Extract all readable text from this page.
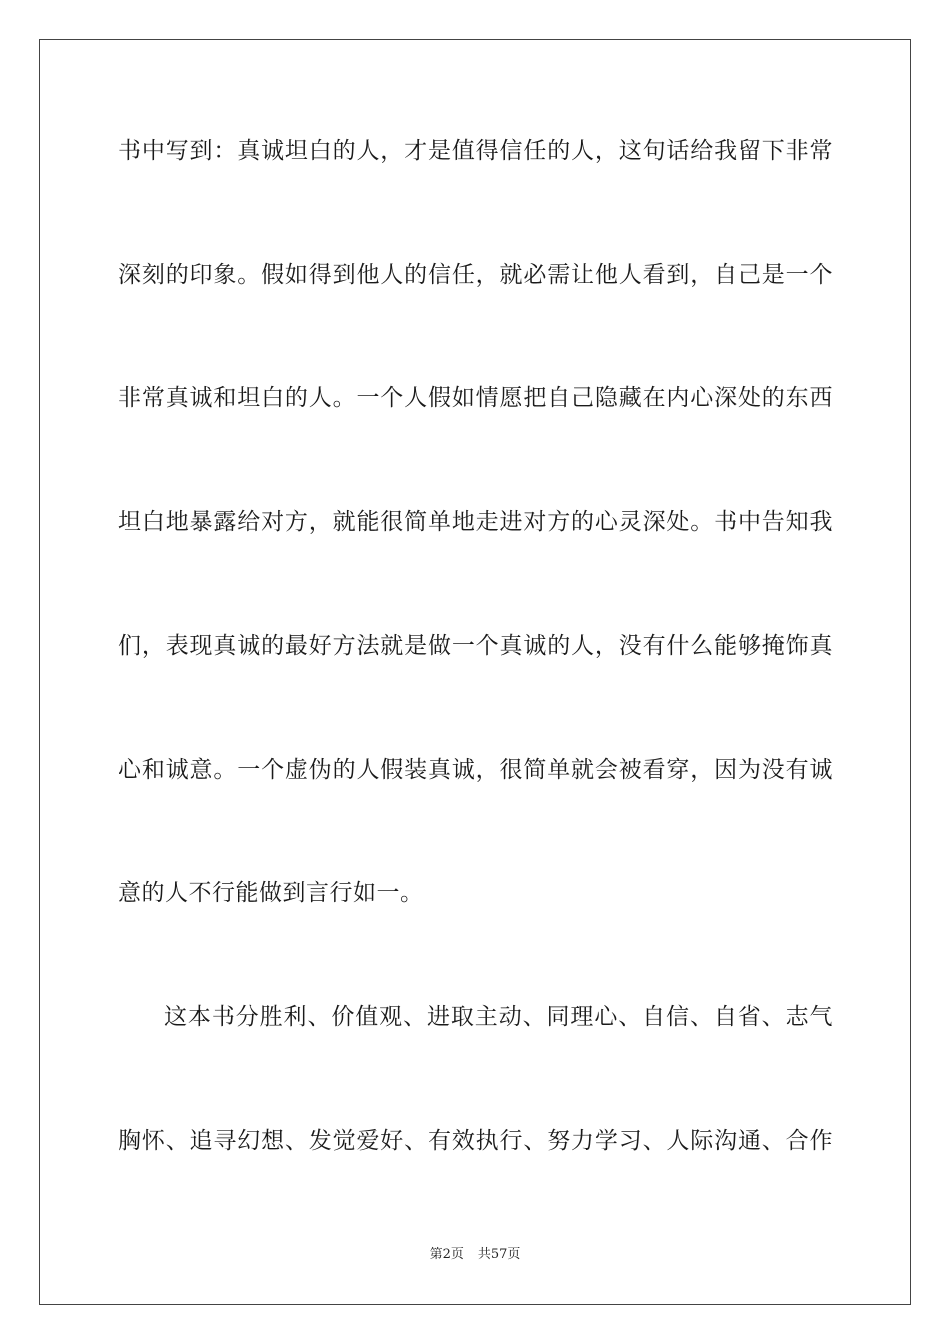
书中写到：真诚坦白的人，才是值得信任的人，这句话给我留下非常
深刻的印象。假如得到他人的信任，就必需让他人看到，自己是一个
非常真诚和坦白的人。一个人假如情愿把自己隐藏在内心深处的东西
坦白地暴露给对方，就能很简单地走进对方的心灵深处。书中告知我
们，表现真诚的最好方法就是做一个真诚的人，没有什么能够掩饰真
心和诚意。一个虚伪的人假装真诚，很简单就会被看穿，因为没有诚
意的人不行能做到言行如一。
这本书分胜利、价值观、进取主动、同理心、自信、自省、志气
胸怀、追寻幻想、发觉爱好、有效执行、努力学习、人际沟通、合作
第2页 共57页
